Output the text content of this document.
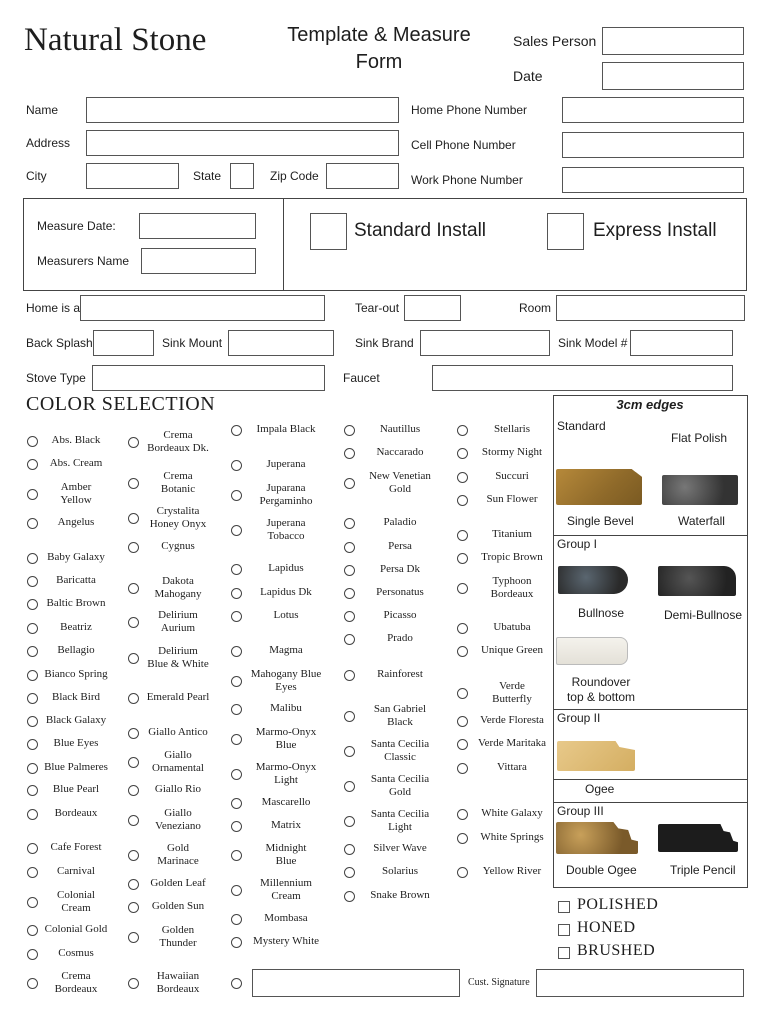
Natural Stone	Template & Measure
Form
Sales Person
Date
Name
Address
City	State	Zip Code
Home Phone Number
Cell Phone Number
Work Phone Number
Measure Date:
Measurers Name
Standard Install	Express Install
Home is a	Tear-out	Room
Back Splash	Sink Mount	Sink Brand	Sink Model #
Stove Type	Faucet
COLOR SELECTION
Abs. Black
Abs. Cream
Amber
Yellow
Angelus
Baby Galaxy
Baricatta
Baltic Brown
Beatriz
Bellagio
Bianco Spring
Black Bird
Black Galaxy
Blue Eyes
Blue Palmeres
Blue Pearl
Bordeaux
Cafe Forest
Carnival
Colonial
Cream
Colonial Gold
Cosmus
Crema
Bordeaux
Crema
Bordeaux Dk.
Crema
Botanic
Crystalita
Honey Onyx
Cygnus
Dakota
Mahogany
Delirium
Aurium
Delirium
Blue & White
Emerald Pearl
Giallo Antico
Giallo
Ornamental
Giallo Rio
Giallo
Veneziano
Gold
Marinace
Golden Leaf
Golden Sun
Golden
Thunder
Hawaiian
Bordeaux
Impala Black
Juperana
Juparana
Pergaminho
Juperana
Tobacco
Lapidus
Lapidus Dk
Lotus
Magma
Mahogany Blue
Eyes
Malibu
Marmo-Onyx
Blue
Marmo-Onyx
Light
Mascarello
Matrix
Midnight
Blue
Millennium
Cream
Mombasa
Mystery White
Nautillus
Naccarado
New Venetian
Gold
Paladio
Persa
Persa Dk
Personatus
Picasso
Prado
Rainforest
San Gabriel
Black
Santa Cecilia
Classic
Santa Cecilia
Gold
Santa Cecilia
Light
Silver Wave
Solarius
Snake Brown
Stellaris
Stormy Night
Succuri
Sun Flower
Titanium
Tropic Brown
Typhoon
Bordeaux
Ubatuba
Unique Green
Verde
Butterfly
Verde Floresta
Verde Maritaka
Vittara
White Galaxy
White Springs
Yellow River
Cust. Signature
3cm edges
Standard
Flat Polish
Single Bevel	Waterfall
Group I
Bullnose	Demi-Bullnose
Roundover
top & bottom
Group II
Ogee
Group III
Double Ogee	Triple Pencil
POLISHED
HONED
BRUSHED
